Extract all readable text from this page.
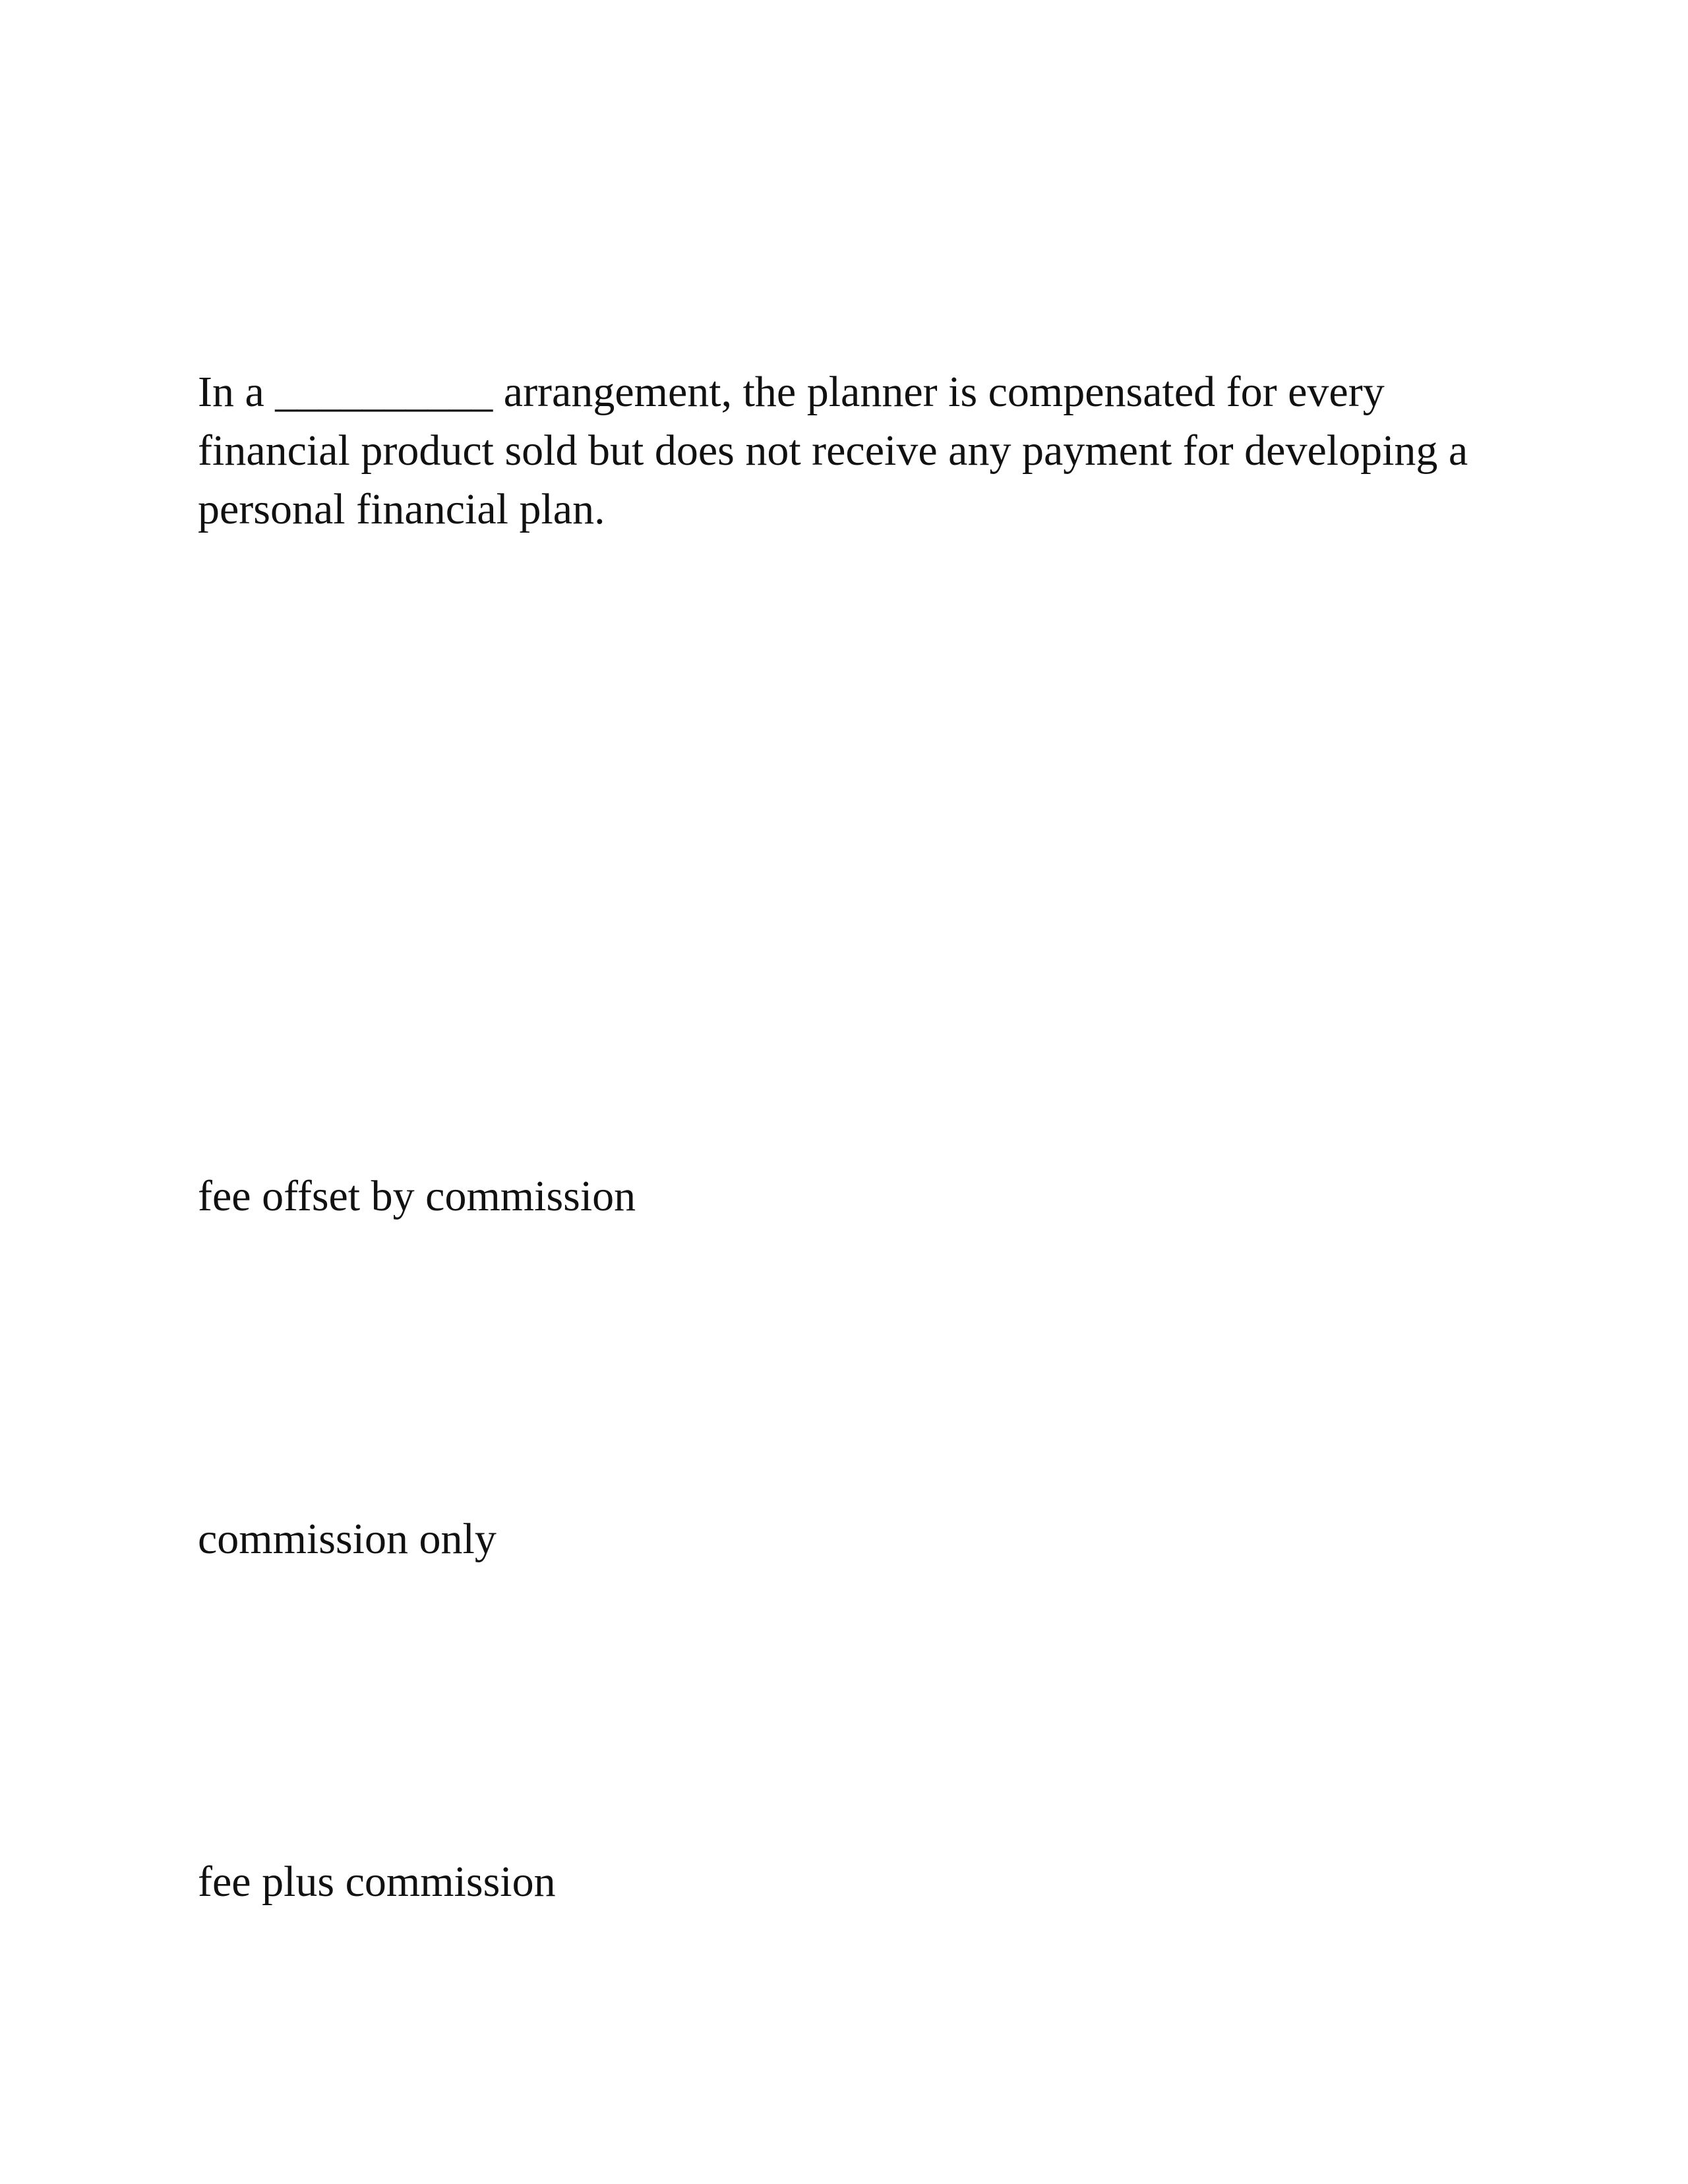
In a __________ arrangement, the planner is compensated for every
financial product sold but does not receive any payment for developing a
personal financial plan.

fee offset by commission

commission only

fee plus commission
